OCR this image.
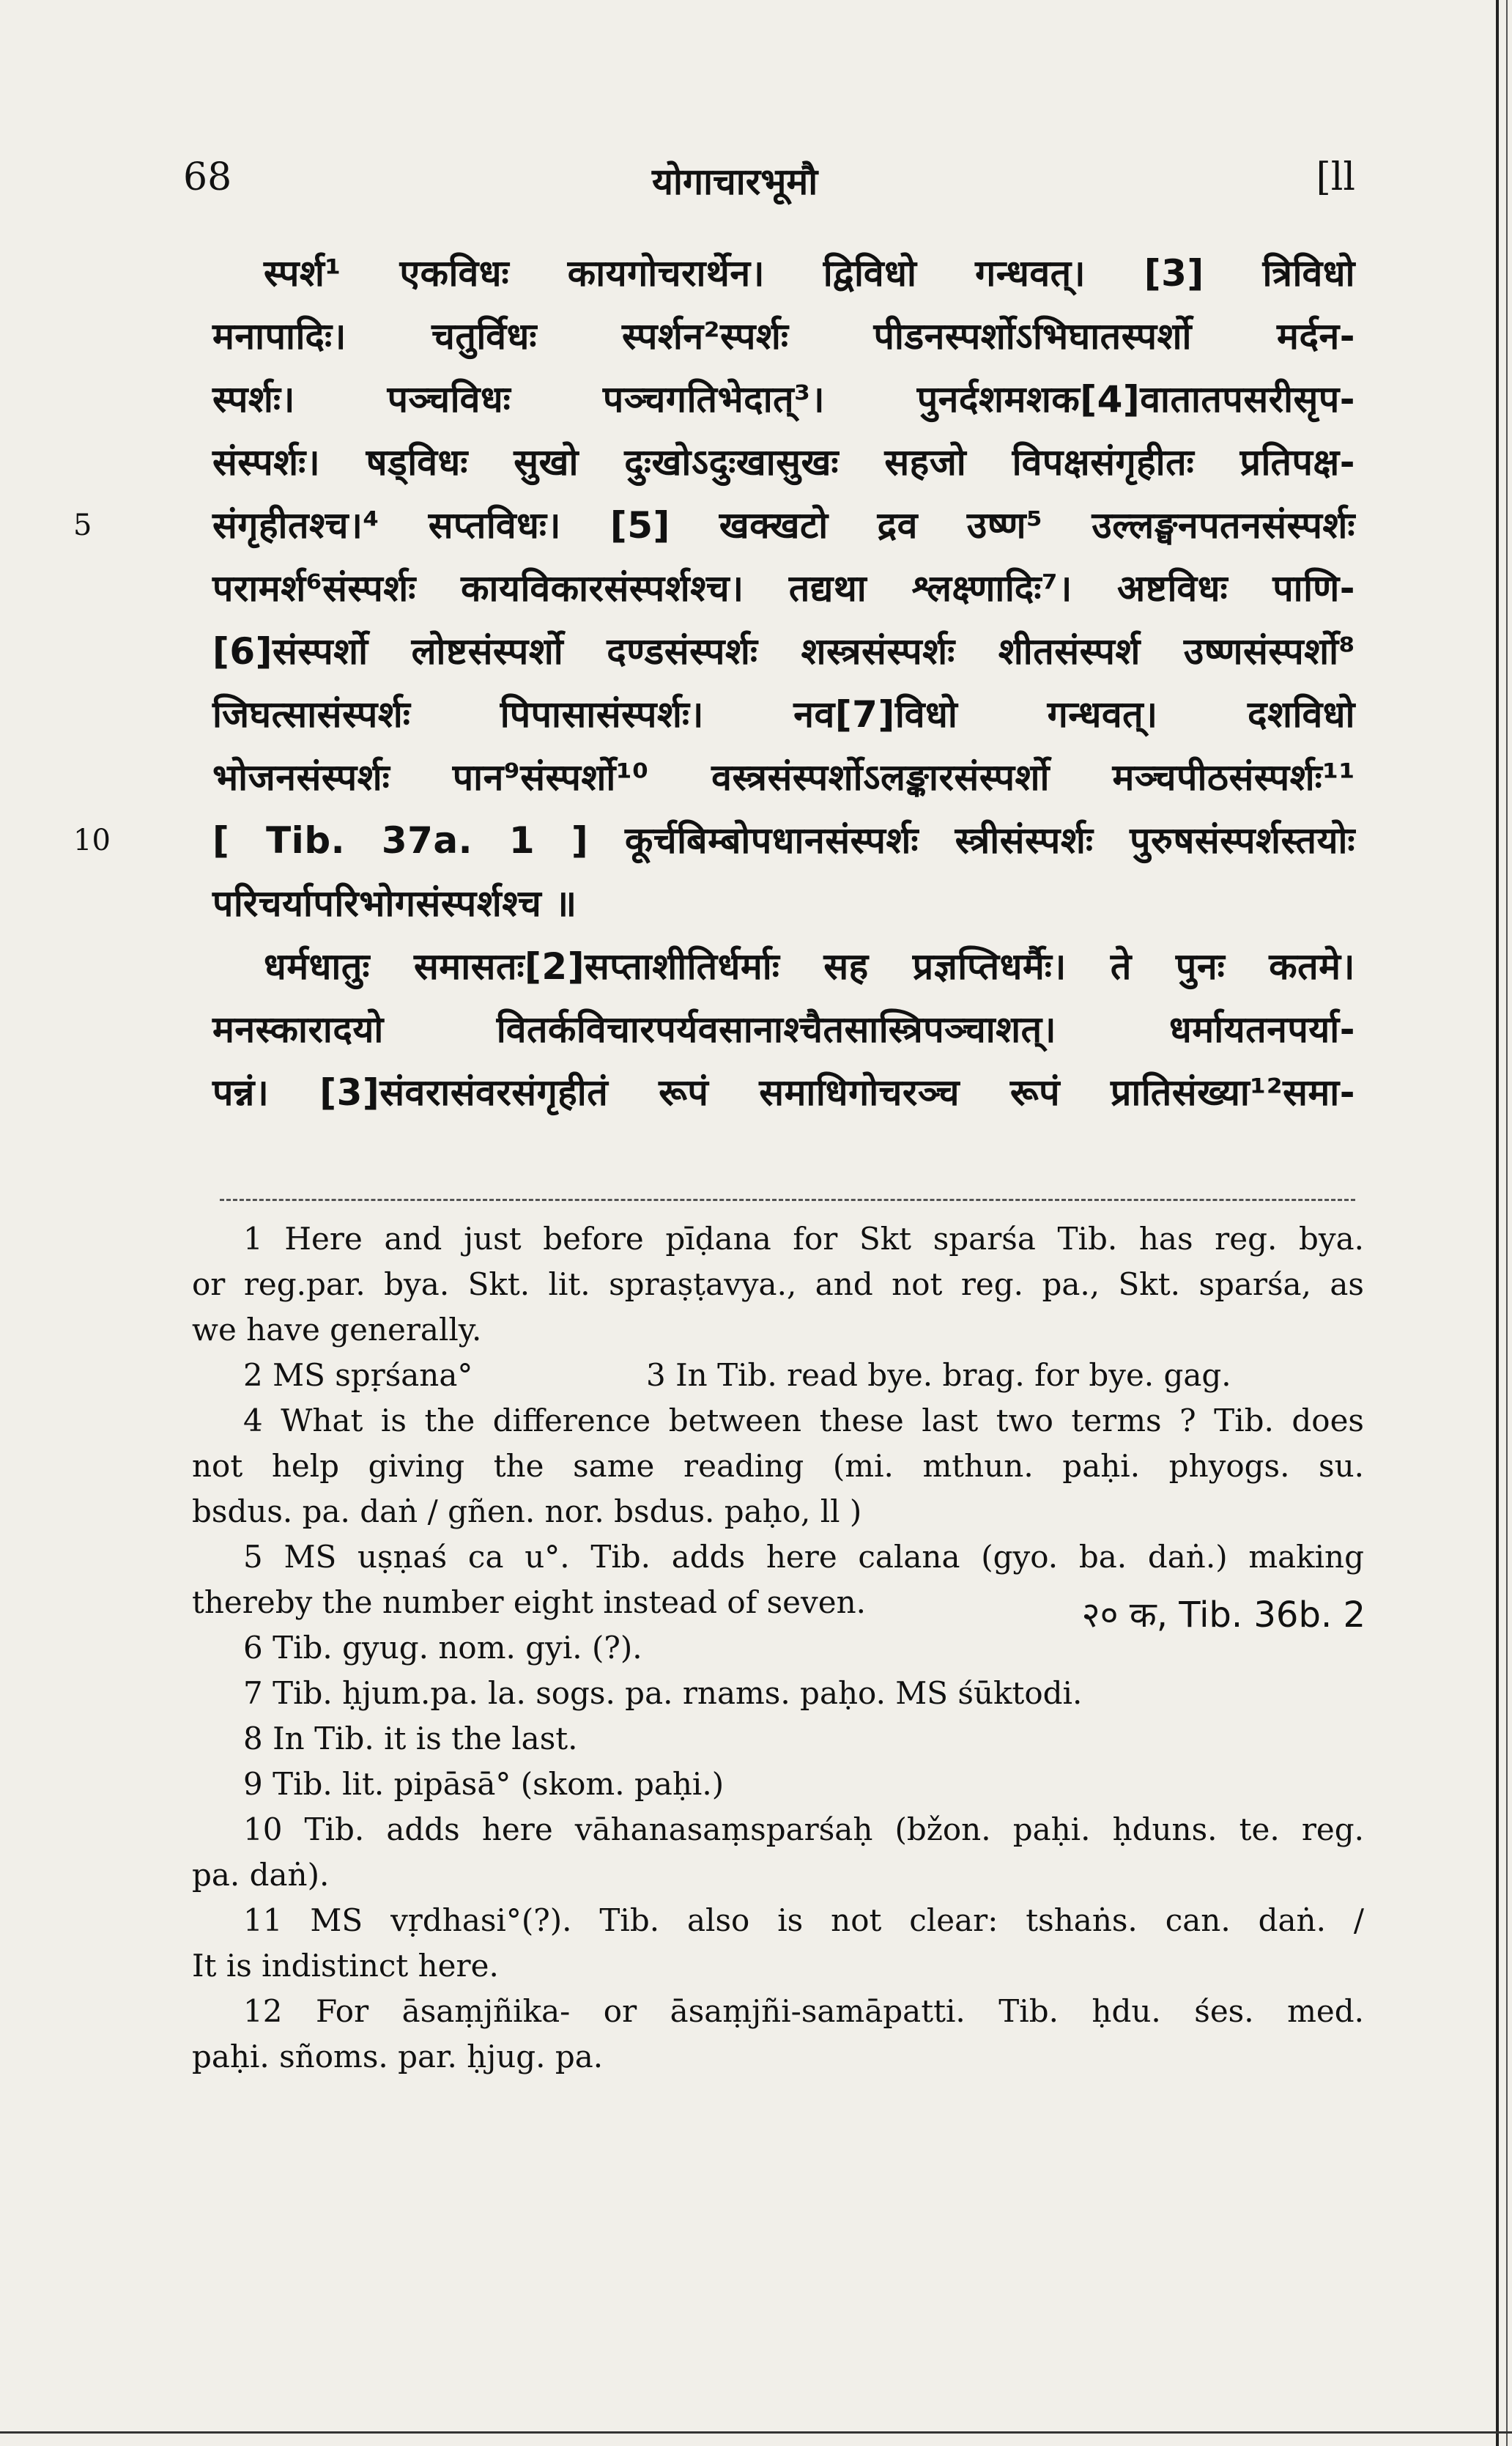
68	योगाचारभूमौ	[ll
स्पर्श¹ एकविधः कायगोचरार्थेन। द्विविधो गन्धवत्। [3] त्रिविधो
मनापादिः। चतुर्विधः स्पर्शन²स्पर्शः पीडनस्पर्शोऽभिघातस्पर्शो मर्दन-
स्पर्शः। पञ्चविधः पञ्चगतिभेदात्³। पुनर्दशमशक[4]वातातपसरीसृप-
संस्पर्शः। षड्विधः सुखो दुःखोऽदुःखासुखः सहजो विपक्षसंगृहीतः प्रतिपक्ष-
संगृहीतश्च।⁴ सप्तविधः। [5] खक्खटो द्रव उष्ण⁵ उल्लङ्घनपतनसंस्पर्शः
5
परामर्श⁶संस्पर्शः कायविकारसंस्पर्शश्च। तद्यथा श्लक्ष्णादिः⁷। अष्टविधः पाणि-
[6]संस्पर्शो लोष्टसंस्पर्शो दण्डसंस्पर्शः शस्त्रसंस्पर्शः शीतसंस्पर्श उष्णसंस्पर्शो⁸
जिघत्सासंस्पर्शः पिपासासंस्पर्शः। नव[7]विधो गन्धवत्। दशविधो
भोजनसंस्पर्शः पान⁹संस्पर्शो¹⁰ वस्त्रसंस्पर्शोऽलङ्कारसंस्पर्शो मञ्चपीठसंस्पर्शः¹¹
[ Tib. 37a. 1 ] कूर्चबिम्बोपधानसंस्पर्शः स्त्रीसंस्पर्शः पुरुषसंस्पर्शस्तयोः
10
परिचर्यापरिभोगसंस्पर्शश्च ॥
धर्मधातुः समासतः[2]सप्ताशीतिर्धर्माः सह प्रज्ञप्तिधर्मैः। ते पुनः कतमे।
मनस्कारादयो वितर्कविचारपर्यवसानाश्चैतसास्त्रिपञ्चाशत्। धर्मायतनपर्या-
पन्नं। [3]संवरासंवरसंगृहीतं रूपं समाधिगोचरञ्च रूपं प्रातिसंख्या¹²समा-
1 Here and just before pīḍana for Skt sparśa Tib. has reg. bya.
or reg.par. bya. Skt. lit. spraṣṭavya., and not reg. pa., Skt. sparśa, as
we have generally.
2 MS spṛśana°	3 In Tib. read bye. brag. for bye. gag.
4 What is the difference between these last two terms ? Tib. does
not help giving the same reading (mi. mthun. paḥi. phyogs. su.
bsdus. pa. daṅ / gñen. nor. bsdus. paḥo, ll )
5 MS uṣṇaś ca u°. Tib. adds here calana (gyo. ba. daṅ.) making
thereby the number eight instead of seven.
6 Tib. gyug. nom. gyi. (?).
7 Tib. ḥjum.pa. la. sogs. pa. rnams. paḥo. MS śūktodi.
8 In Tib. it is the last.
9 Tib. lit. pipāsā° (skom. paḥi.)
10 Tib. adds here vāhanasaṃsparśaḥ (bžon. paḥi. ḥduns. te. reg.
pa. daṅ).
11 MS vṛdhasi°(?). Tib. also is not clear: tshaṅs. can. daṅ. /
It is indistinct here.
12 For āsaṃjñika- or āsaṃjñi-samāpatti. Tib. ḥdu. śes. med.
paḥi. sñoms. par. ḥjug. pa.
२० क, Tib. 36b. 2
